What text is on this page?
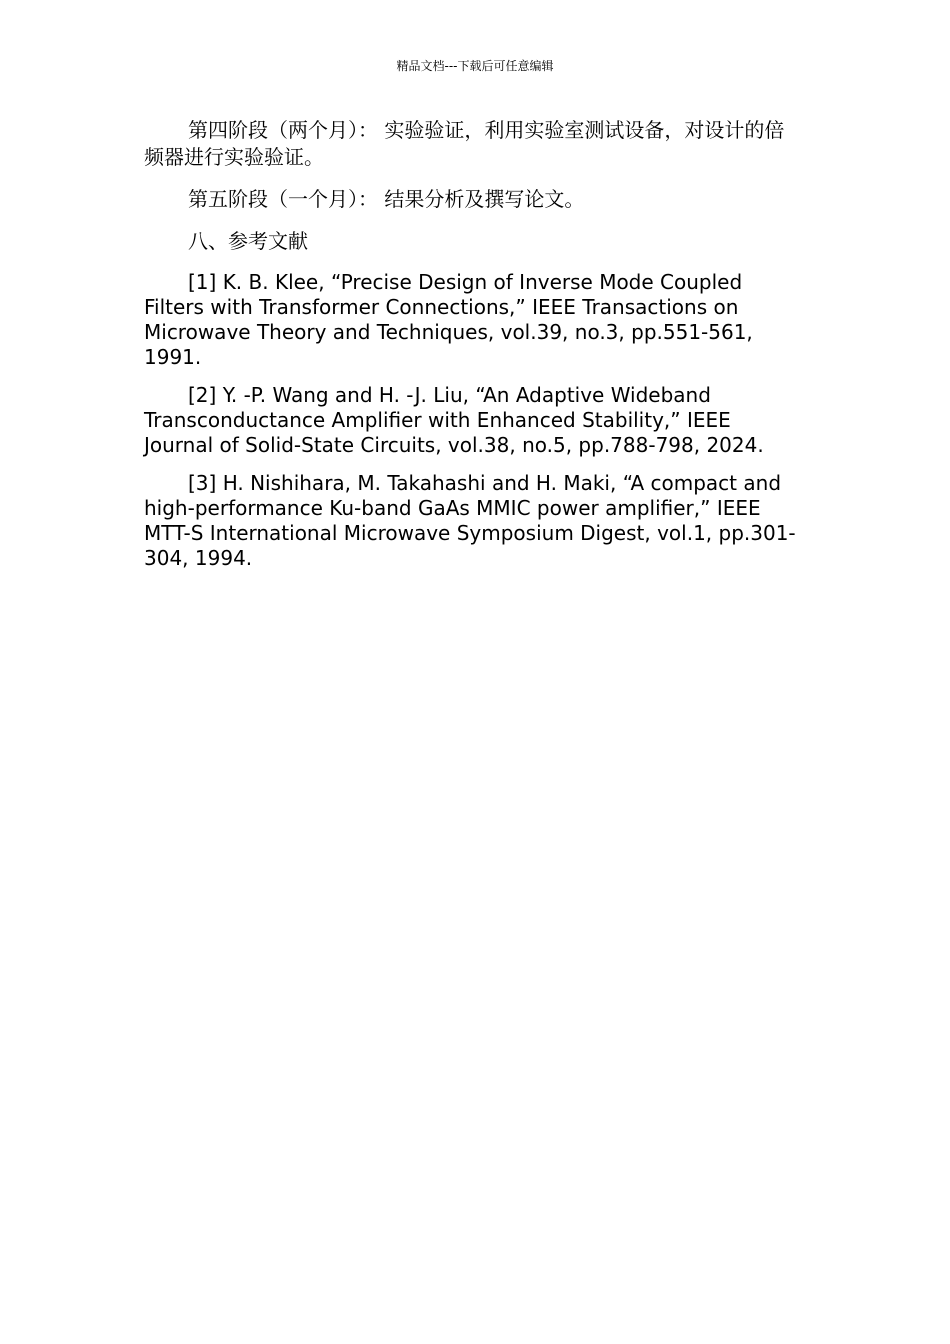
精品文档---下载后可任意编辑

第四阶段（两个月）： 实验验证，利用实验室测试设备，对设计的倍频器进行实验验证。

第五阶段（一个月）： 结果分析及撰写论文。

八、参考文献

[1] K. B. Klee, “Precise Design of Inverse Mode Coupled Filters with Transformer Connections,” IEEE Transactions on Microwave Theory and Techniques, vol.39, no.3, pp.551-561, 1991.

[2] Y. -P. Wang and H. -J. Liu, “An Adaptive Wideband Transconductance Amplifier with Enhanced Stability,” IEEE Journal of Solid-State Circuits, vol.38, no.5, pp.788-798, 2024.

[3] H. Nishihara, M. Takahashi and H. Maki, “A compact and high-performance Ku-band GaAs MMIC power amplifier,” IEEE MTT-S International Microwave Symposium Digest, vol.1, pp.301-304, 1994.
